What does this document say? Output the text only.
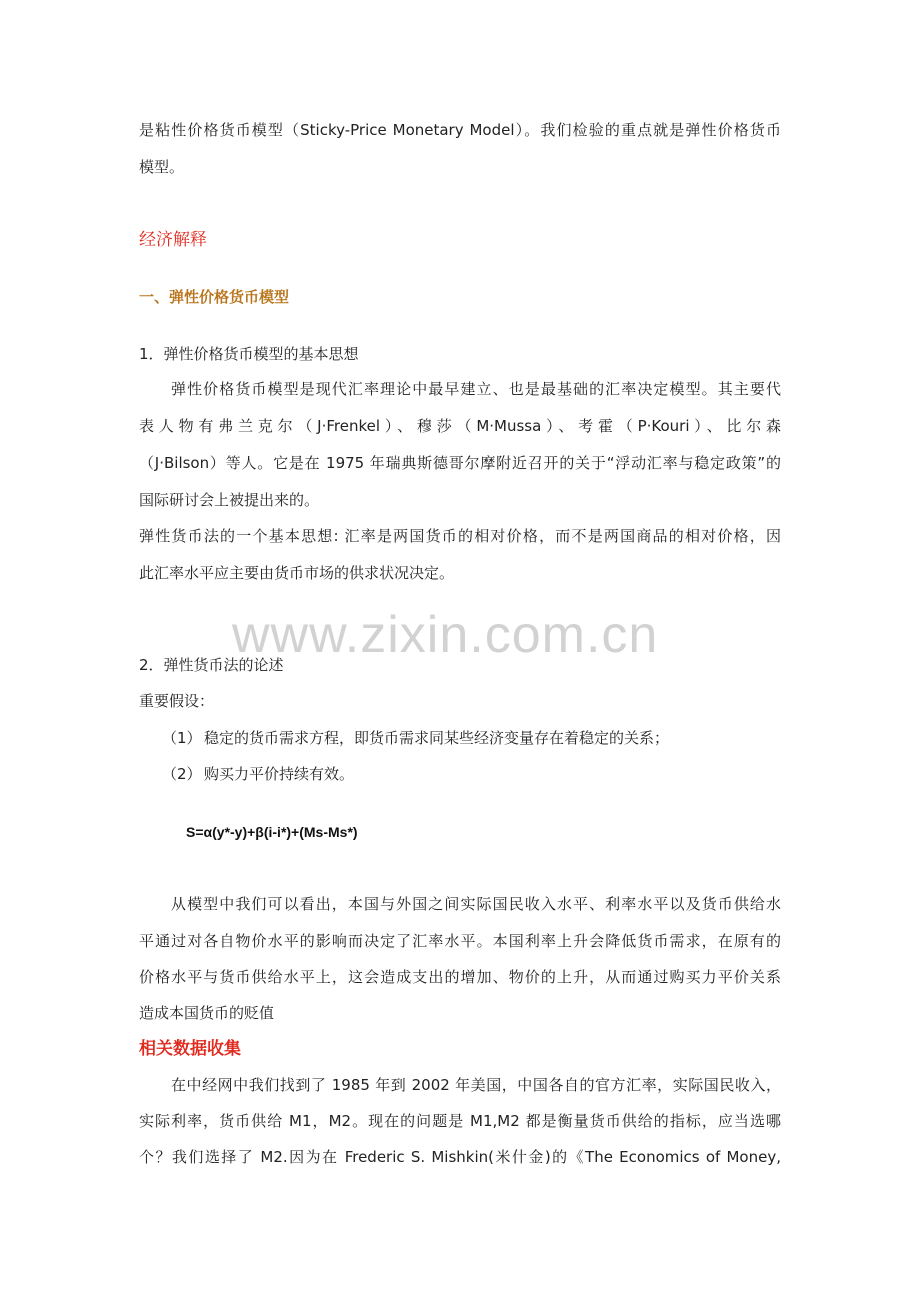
是粘性价格货币模型（Sticky-Price Monetary Model）。我们检验的重点就是弹性价格货币
模型。
经济解释
一、弹性价格货币模型
1．弹性价格货币模型的基本思想
弹性价格货币模型是现代汇率理论中最早建立、也是最基础的汇率决定模型。其主要代
表人物有弗兰克尔（J·Frenkel）、穆莎（M·Mussa）、考霍（P·Kouri）、比尔森
（J·Bilson）等人。它是在 1975 年瑞典斯德哥尔摩附近召开的关于“浮动汇率与稳定政策”的
国际研讨会上被提出来的。
弹性货币法的一个基本思想: 汇率是两国货币的相对价格，而不是两国商品的相对价格，因
此汇率水平应主要由货币市场的供求状况决定。
www.zixin.com.cn
2．弹性货币法的论述
重要假设：
（1） 稳定的货币需求方程，即货币需求同某些经济变量存在着稳定的关系；
（2） 购买力平价持续有效。
S=α(y*-y)+β(i-i*)+(Ms-Ms*)
从模型中我们可以看出，本国与外国之间实际国民收入水平、利率水平以及货币供给水
平通过对各自物价水平的影响而决定了汇率水平。本国利率上升会降低货币需求，在原有的
价格水平与货币供给水平上，这会造成支出的增加、物价的上升，从而通过购买力平价关系
造成本国货币的贬值
相关数据收集
在中经网中我们找到了 1985 年到 2002 年美国，中国各自的官方汇率，实际国民收入，
实际利率，货币供给 M1，M2。现在的问题是 M1,M2 都是衡量货币供给的指标，应当选哪
个？我们选择了 M2.因为在 Frederic S. Mishkin(米什金)的《The Economics of Money,
